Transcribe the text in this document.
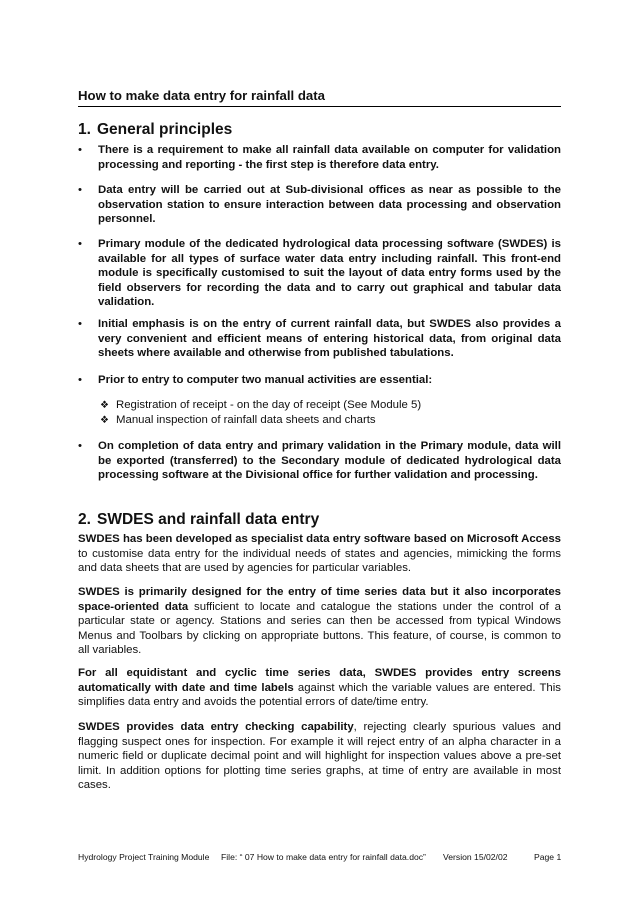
How to make data entry for rainfall data
1. General principles
• There is a requirement to make all rainfall data available on computer for validation processing and reporting - the first step is therefore data entry.
• Data entry will be carried out at Sub-divisional offices as near as possible to the observation station to ensure interaction between data processing and observation personnel.
• Primary module of the dedicated hydrological data processing software (SWDES) is available for all types of surface water data entry including rainfall. This front-end module is specifically customised to suit the layout of data entry forms used by the field observers for recording the data and to carry out graphical and tabular data validation.
• Initial emphasis is on the entry of current rainfall data, but SWDES also provides a very convenient and efficient means of entering historical data, from original data sheets where available and otherwise from published tabulations.
• Prior to entry to computer two manual activities are essential:
❖ Registration of receipt - on the day of receipt (See Module 5)
❖ Manual inspection of rainfall data sheets and charts
• On completion of data entry and primary validation in the Primary module, data will be exported (transferred) to the Secondary module of dedicated hydrological data processing software at the Divisional office for further validation and processing.
2. SWDES and rainfall data entry
SWDES has been developed as specialist data entry software based on Microsoft Access to customise data entry for the individual needs of states and agencies, mimicking the forms and data sheets that are used by agencies for particular variables.
SWDES is primarily designed for the entry of time series data but it also incorporates space-oriented data sufficient to locate and catalogue the stations under the control of a particular state or agency. Stations and series can then be accessed from typical Windows Menus and Toolbars by clicking on appropriate buttons. This feature, of course, is common to all variables.
For all equidistant and cyclic time series data, SWDES provides entry screens automatically with date and time labels against which the variable values are entered. This simplifies data entry and avoids the potential errors of date/time entry.
SWDES provides data entry checking capability, rejecting clearly spurious values and flagging suspect ones for inspection. For example it will reject entry of an alpha character in a numeric field or duplicate decimal point and will highlight for inspection values above a pre-set limit. In addition options for plotting time series graphs, at time of entry are available in most cases.
Hydrology Project Training Module File: “ 07 How to make data entry for rainfall data.doc” Version 15/02/02	Page 1
